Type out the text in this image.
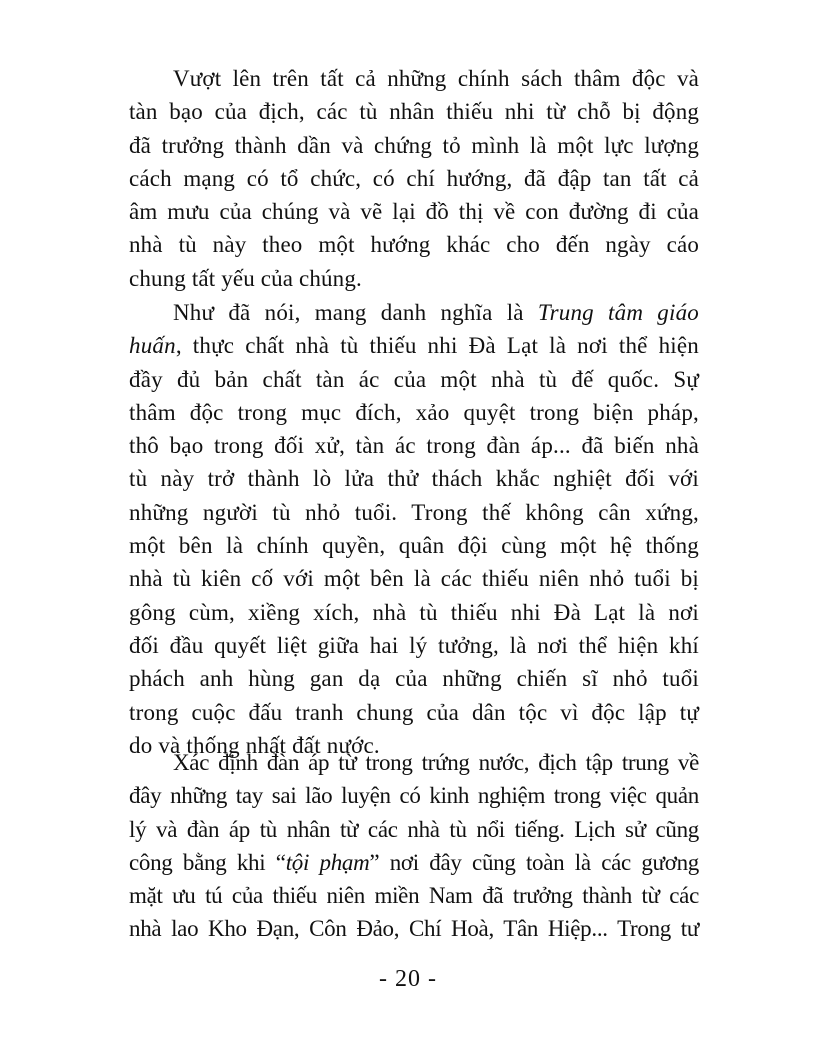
Vượt lên trên tất cả những chính sách thâm độc và
tàn bạo của địch, các tù nhân thiếu nhi từ chỗ bị động
đã trưởng thành dần và chứng tỏ mình là một lực lượng
cách mạng có tổ chức, có chí hướng, đã đập tan tất cả
âm mưu của chúng và vẽ lại đồ thị về con đường đi của
nhà tù này theo một hướng khác cho đến ngày cáo
chung tất yếu của chúng.
Như đã nói, mang danh nghĩa là Trung tâm giáo
huấn, thực chất nhà tù thiếu nhi Đà Lạt là nơi thể hiện
đầy đủ bản chất tàn ác của một nhà tù đế quốc. Sự
thâm độc trong mục đích, xảo quyệt trong biện pháp,
thô bạo trong đối xử, tàn ác trong đàn áp... đã biến nhà
tù này trở thành lò lửa thử thách khắc nghiệt đối với
những người tù nhỏ tuổi. Trong thế không cân xứng,
một bên là chính quyền, quân đội cùng một hệ thống
nhà tù kiên cố với một bên là các thiếu niên nhỏ tuổi bị
gông cùm, xiềng xích, nhà tù thiếu nhi Đà Lạt là nơi
đối đầu quyết liệt giữa hai lý tưởng, là nơi thể hiện khí
phách anh hùng gan dạ của những chiến sĩ nhỏ tuổi
trong cuộc đấu tranh chung của dân tộc vì độc lập tự
do và thống nhất đất nước.
Xác định đàn áp từ trong trứng nước, địch tập trung về
đây những tay sai lão luyện có kinh nghiệm trong việc quản
lý và đàn áp tù nhân từ các nhà tù nổi tiếng. Lịch sử cũng
công bằng khi “tội phạm” nơi đây cũng toàn là các gương
mặt ưu tú của thiếu niên miền Nam đã trưởng thành từ các
nhà lao Kho Đạn, Côn Đảo, Chí Hoà, Tân Hiệp... Trong tư
- 20 -
